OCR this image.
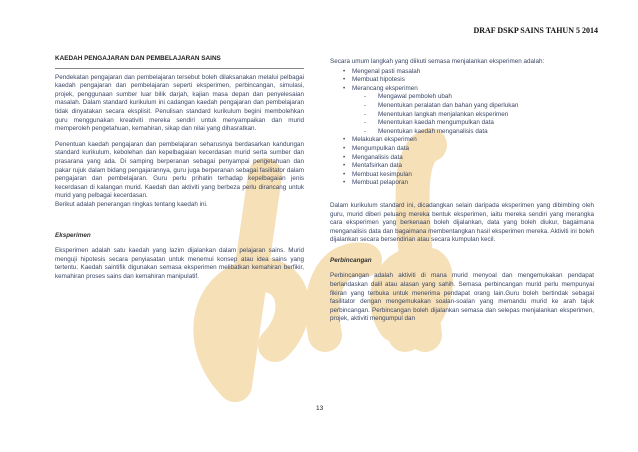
DRAF DSKP SAINS TAHUN 5 2014
KAEDAH PENGAJARAN DAN PEMBELAJARAN SAINS

Pendekatan pengajaran dan pembelajaran tersebut boleh dilaksanakan melalui pelbagai kaedah pengajaran dan pembelajaran seperti eksperimen, perbincangan, simulasi, projek, penggunaan sumber luar bilik darjah, kajian masa depan dan penyelesaian masalah. Dalam standard kurikulum ini cadangan kaedah pengajaran dan pembelajaran tidak dinyatakan secara eksplisit. Penulisan standard kurikulum begini membolehkan guru menggunakan kreativiti mereka sendiri untuk menyampaikan dan murid memperoleh pengetahuan, kemahiran, sikap dan nilai yang dihasratkan.

Penentuan kaedah pengajaran dan pembelajaran seharusnya berdasarkan kandungan standard kurikulum, kebolehan dan kepelbagaian kecerdasan murid serta sumber dan prasarana yang ada. Di samping berperanan sebagai penyampai pengetahuan dan pakar rujuk dalam bidang pengajarannya, guru juga berperanan sebagai fasilitator dalam pengajaran dan pembelajaran. Guru perlu prihatin terhadap kepelbagaian jenis kecerdasan di kalangan murid. Kaedah dan aktiviti yang berbeza perlu dirancang untuk murid yang pelbagai kecerdasan.

Berikut adalah penerangan ringkas tentang kaedah ini.

Eksperimen

Eksperimen adalah satu kaedah yang lazim dijalankan dalam pelajaran sains. Murid menguji hipotesis secara penyiasatan untuk menemui konsep atau idea sains yang tertentu. Kaedah saintifik digunakan semasa eksperimen melibatkan kemahiran berfikir, kemahiran proses sains dan kemahiran manipulatif.

Secara umum langkah yang diikuti semasa menjalankan eksperimen adalah:

• Mengenal pasti masalah
• Membuat hipotesis
• Merancang eksperimen
- Mengawal pemboleh ubah
- Menentukan peralatan dan bahan yang diperlukan
- Menentukan langkah menjalankan eksperimen
- Menentukan kaedah mengumpulkan data
- Menentukan kaedah menganalisis data
• Melakukan eksperimen
• Mengumpulkan data
• Menganalisis data
• Mentafsirkan data
• Membuat kesimpulan
• Membuat pelaporan

Dalam kurikulum standard ini, dicadangkan selain daripada eksperimen yang dibimbing oleh guru, murid diberi peluang mereka bentuk eksperimen, iaitu mereka sendiri yang merangka cara eksperimen yang berkenaan boleh dijalankan, data yang boleh diukur, bagaimana menganalisis data dan bagaimana membentangkan hasil eksperimen mereka. Aktiviti ini boleh dijalankan secara bersendirian atau secara kumpulan kecil.

Perbincangan

Perbincangan adalah aktiviti di mana murid menyoal dan mengemukakan pendapat berlandaskan dalil atau alasan yang sahih. Semasa perbincangan murid perlu mempunyai fikiran yang terbuka untuk menerima pendapat orang lain.Guru boleh bertindak sebagai fasilitator dengan mengemukakan soalan-soalan yang memandu murid ke arah tajuk perbincangan. Perbincangan boleh dijalankan semasa dan selepas menjalankan eksperimen, projek, aktiviti mengumpul dan

13
